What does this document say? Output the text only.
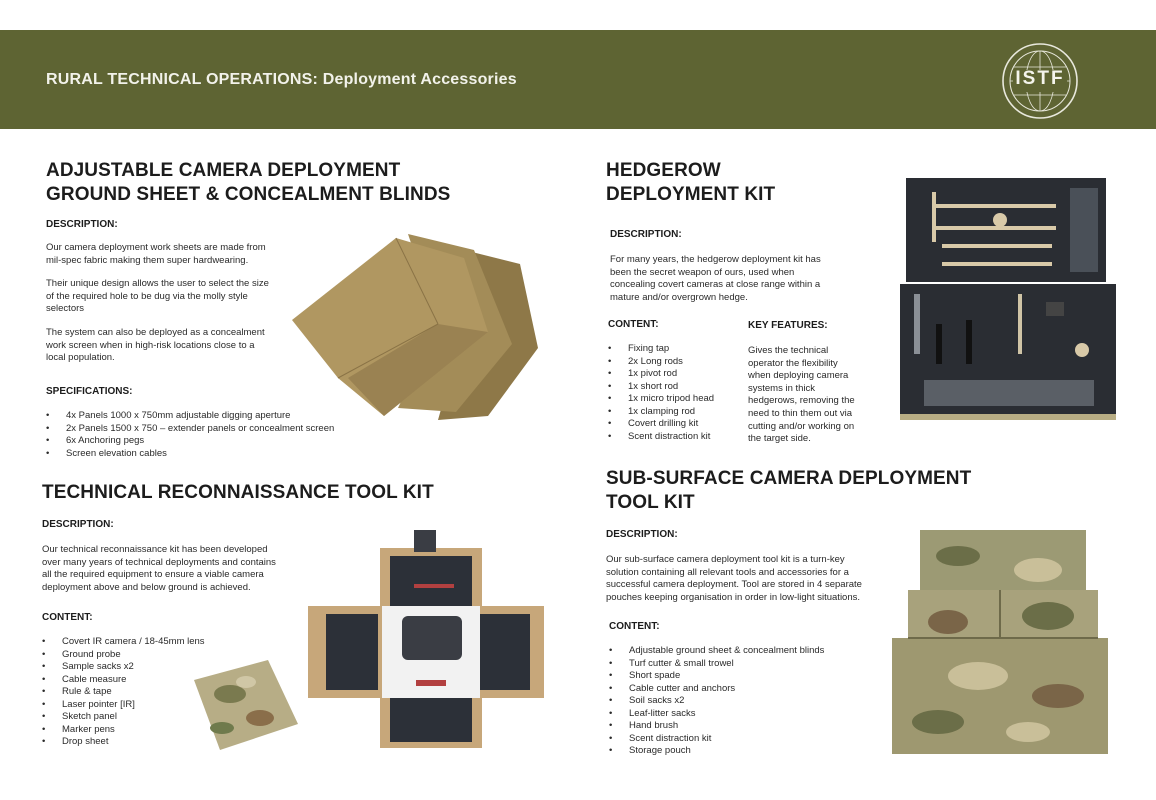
RURAL TECHNICAL OPERATIONS: Deployment Accessories	ISTF
ADJUSTABLE CAMERA DEPLOYMENT
GROUND SHEET & CONCEALMENT BLINDS
DESCRIPTION:
Our camera deployment work sheets are made from
mil-spec fabric making them super hardwearing.
Their unique design allows the user to select the size
of the required hole to be dug via the molly style
selectors
The system can also be deployed as a concealment
work screen when in high-risk locations close to a
local population.
SPECIFICATIONS:
• 4x Panels 1000 x 750mm adjustable digging aperture
• 2x Panels 1500 x 750 – extender panels or concealment screen
• 6x Anchoring pegs
• Screen elevation cables
TECHNICAL RECONNAISSANCE TOOL KIT
DESCRIPTION:
Our technical reconnaissance kit has been developed
over many years of technical deployments and contains
all the required equipment to ensure a viable camera
deployment above and below ground is achieved.
CONTENT:
• Covert IR camera / 18-45mm lens
• Ground probe
• Sample sacks x2
• Cable measure
• Rule & tape
• Laser pointer [IR]
• Sketch panel
• Marker pens
• Drop sheet
HEDGEROW
DEPLOYMENT KIT
DESCRIPTION:
For many years, the hedgerow deployment kit has
been the secret weapon of ours, used when
concealing covert cameras at close range within a
mature and/or overgrown hedge.
CONTENT:
• Fixing tap
• 2x Long rods
• 1x pivot rod
• 1x short rod
• 1x micro tripod head
• 1x clamping rod
• Covert drilling kit
• Scent distraction kit
KEY FEATURES:
Gives the technical
operator the flexibility
when deploying camera
systems in thick
hedgerows, removing the
need to thin them out via
cutting and/or working on
the target side.
SUB-SURFACE CAMERA DEPLOYMENT
TOOL KIT
DESCRIPTION:
Our sub-surface camera deployment tool kit is a turn-key
solution containing all relevant tools and accessories for a
successful camera deployment. Tool are stored in 4 separate
pouches keeping organisation in order in low-light situations.
CONTENT:
• Adjustable ground sheet & concealment blinds
• Turf cutter & small trowel
• Short spade
• Cable cutter and anchors
• Soil sacks x2
• Leaf-litter sacks
• Hand brush
• Scent distraction kit
• Storage pouch
